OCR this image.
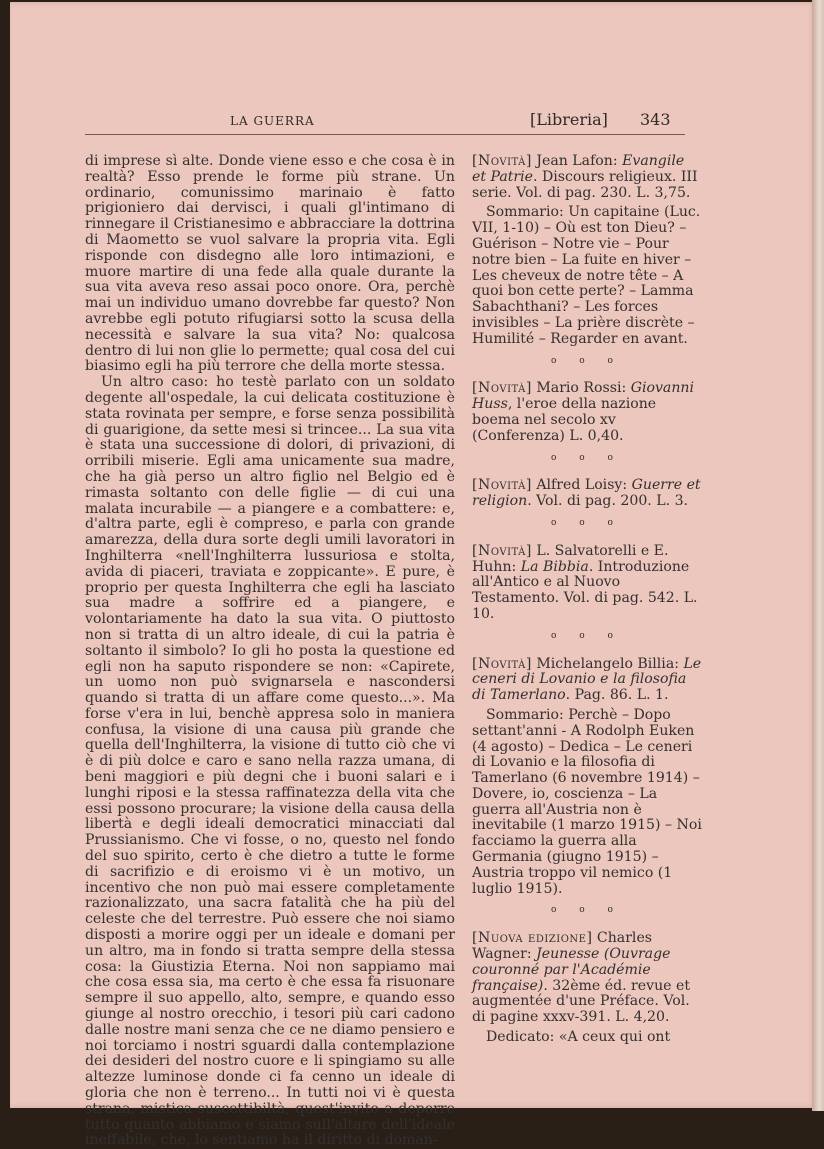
LA GUERRA	[Libreria] 343

di imprese sì alte. Donde viene esso e che cosa è in realtà? Esso prende le forme più strane. Un ordinario, comunissimo marinaio è fatto prigioniero dai dervisci, i quali gl'intimano di rinnegare il Cristianesimo e abbracciare la dottrina di Maometto se vuol salvare la propria vita. Egli risponde con disdegno alle loro intimazioni, e muore martire di una fede alla quale durante la sua vita aveva reso assai poco onore. Ora, perchè mai un individuo umano dovrebbe far questo? Non avrebbe egli potuto rifugiarsi sotto la scusa della necessità e salvare la sua vita? No: qualcosa dentro di lui non glie lo permette; qual cosa del cui biasimo egli ha più terrore che della morte stessa.

Un altro caso: ho testè parlato con un soldato degente all'ospedale, la cui delicata costituzione è stata rovinata per sempre, e forse senza possibilità di guarigione, da sette mesi si trincee... La sua vita è stata una successione di dolori, di privazioni, di orribili miserie. Egli ama unicamente sua madre, che ha già perso un altro figlio nel Belgio ed è rimasta soltanto con delle figlie — di cui una malata incurabile — a piangere e a combattere: e, d'altra parte, egli è compreso, e parla con grande amarezza, della dura sorte degli umili lavoratori in Inghilterra «nell'Inghilterra lussuriosa e stolta, avida di piaceri, traviata e zoppicante». E pure, è proprio per questa Inghilterra che egli ha lasciato sua madre a soffrire ed a piangere, e volontariamente ha dato la sua vita. O piuttosto non si tratta di un altro ideale, di cui la patria è soltanto il simbolo? Io gli ho posta la questione ed egli non ha saputo rispondere se non: «Capirete, un uomo non può svignarsela e nascondersi quando si tratta di un affare come questo...». Ma forse v'era in lui, benchè appresa solo in maniera confusa, la visione di una causa più grande che quella dell'Inghilterra, la visione di tutto ciò che vi è di più dolce e caro e sano nella razza umana, di beni maggiori e più degni che i buoni salari e i lunghi riposi e la stessa raffinatezza della vita che essi possono procurare; la visione della causa della libertà e degli ideali democratici minacciati dal Prussianismo. Che vi fosse, o no, questo nel fondo del suo spirito, certo è che dietro a tutte le forme di sacrifizio e di eroismo vi è un motivo, un incentivo che non può mai essere completamente razionalizzato, una sacra fatalità che ha più del celeste che del terrestre. Può essere che noi siamo disposti a morire oggi per un ideale e domani per un altro, ma in fondo si tratta sempre della stessa cosa: la Giustizia Eterna. Noi non sappiamo mai che cosa essa sia, ma certo è che essa fa risuonare sempre il suo appello, alto, sempre, e quando esso giunge al nostro orecchio, i tesori più cari cadono dalle nostre mani senza che ce ne diamo pensiero e noi torciamo i nostri sguardi dalla contemplazione dei desideri del nostro cuore e li spingiamo su alle altezze luminose donde ci fa cenno un ideale di gloria che non è terreno... In tutti noi vi è questa strana, mistica suscettibiltà, quest'invito a deporre tutto quanto abbiamo e siamo sull'altare dell'ideale ineffabile, che, lo sentiamo ha il diritto di doman-

[Novità] Jean Lafon: Evangile et Patrie. Discours religieux. III serie. Vol. di pag. 230. L. 3,75.

Sommario: Un capitaine (Luc. VII, 1-10) – Où est ton Dieu? – Guérison – Notre vie – Pour notre bien – La fuite en hiver – Les cheveux de notre tête – A quoi bon cette perte? – Lamma Sabachthani? – Les forces invisibles – La prière discrète – Humilité – Regarder en avant.

o o o

[Novità] Mario Rossi: Giovanni Huss, l'eroe della nazione boema nel secolo xv (Conferenza) L. 0,40.

o o o

[Novità] Alfred Loisy: Guerre et religion. Vol. di pag. 200. L. 3.

o o o

[Novità] L. Salvatorelli e E. Huhn: La Bibbia. Introduzione all'Antico e al Nuovo Testamento. Vol. di pag. 542. L. 10.

o o o

[Novità] Michelangelo Billia: Le ceneri di Lovanio e la filosofia di Tamerlano. Pag. 86. L. 1.

Sommario: Perchè – Dopo settant'anni - A Rodolph Euken (4 agosto) – Dedica – Le ceneri di Lovanio e la filosofia di Tamerlano (6 novembre 1914) – Dovere, io, coscienza – La guerra all'Austria non è inevitabile (1 marzo 1915) – Noi facciamo la guerra alla Germania (giugno 1915) – Austria troppo vil nemico (1 luglio 1915).

o o o

[Nuova edizione] Charles Wagner: Jeunesse (Ouvrage couronné par l'Académie française). 32ème éd. revue et augmentée d'une Préface. Vol. di pagine xxxv-391. L. 4,20.

Dedicato: «A ceux qui ont
